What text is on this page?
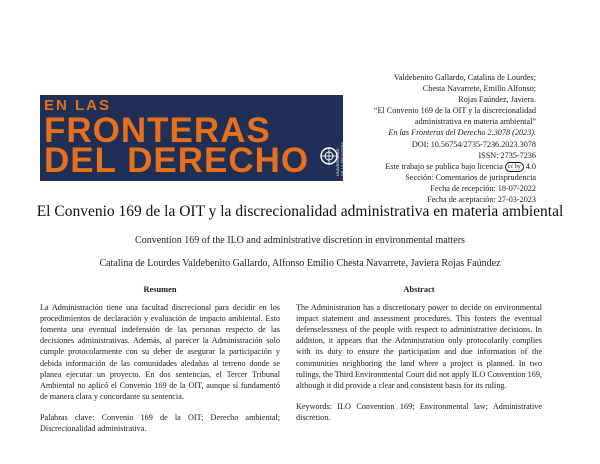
EN LAS
FRONTERAS
DEL DERECHO	UNIVERSIDAD DE LA FRONTERA
Valdebenito Gallardo, Catalina de Lourdes;
Chesta Navarrete, Emilio Alfonso;
Rojas Faúndez, Javiera.
“El Convenio 169 de la OIT y la discrecionalidad
administrativa en materia ambiental”
En las Fronteras del Derecho 2.3078 (2023).
DOI: 10.56754/2735-7236.2023.3078
ISSN: 2735-7236
Este trabajo se publica bajo licencia cc by 4.0
Sección: Comentarios de jurisprudencia
Fecha de recepción: 18-07-2022
Fecha de aceptación: 27-03-2023
El Convenio 169 de la OIT y la discrecionalidad administrativa en materia ambiental
Convention 169 of the ILO and administrative discretion in environmental matters
Catalina de Lourdes Valdebenito Gallardo, Alfonso Emilio Chesta Navarrete, Javiera Rojas Faúndez
Resumen

La Administración tiene una facultad discrecional para decidir en los procedimientos de declaración y evaluación de impacto ambiental. Esto fomenta una eventual indefensión de las personas respecto de las decisiones administrativas. Además, al parecer la Administración solo cumple protocolarmente con su deber de asegurar la participación y debida información de las comunidades aledañas al terreno donde se planea ejecutar un proyecto. En dos sentencias, el Tercer Tribunal Ambiental no aplicó el Convenio 169 de la OIT, aunque sí fundamentó de manera clara y concordante su sentencia.

Palabras clave: Convenio 169 de la OIT; Derecho ambiental; Discrecionalidad administrativa.

Abstract

The Administration has a discretionary power to decide on environmental impact statement and assessment procedures. This fosters the eventual defenselessness of the people with respect to administrative decisions. In addition, it appears that the Administration only protocolarily complies with its duty to ensure the participation and due information of the communities neighboring the land where a project is planned. In two rulings, the Third Environmental Court did not apply ILO Convention 169, although it did provide a clear and consistent basis for its ruling.

Keywords: ILO Convention 169; Environmental law; Administrative discretion.
